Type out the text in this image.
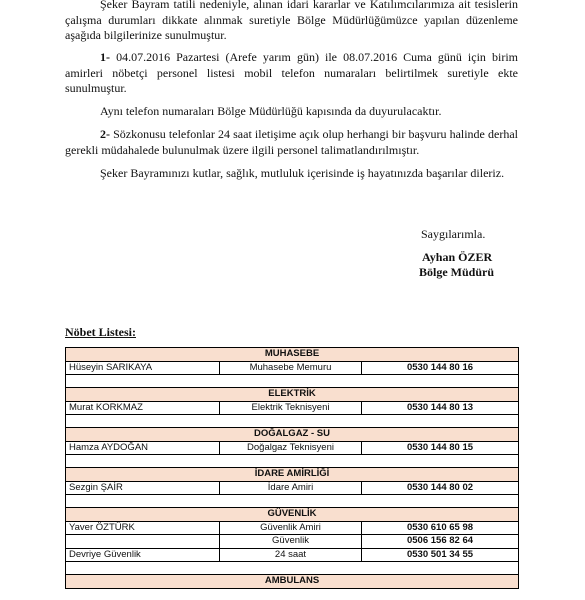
Şeker Bayram tatili nedeniyle, alınan idari kararlar ve Katılımcılarımıza ait tesislerin çalışma durumları dikkate alınmak suretiyle Bölge Müdürlüğümüzce yapılan düzenleme aşağıda bilgilerinize sunulmuştur.
1- 04.07.2016 Pazartesi (Arefe yarım gün) ile 08.07.2016 Cuma günü için birim amirleri nöbetçi personel listesi mobil telefon numaraları belirtilmek suretiyle ekte sunulmuştur.
Aynı telefon numaraları Bölge Müdürlüğü kapısında da duyurulacaktır.
2- Sözkonusu telefonlar 24 saat iletişime açık olup herhangi bir başvuru halinde derhal gerekli müdahalede bulunulmak üzere ilgili personel talimatlandırılmıştır.
Şeker Bayramınızı kutlar, sağlık, mutluluk içerisinde iş hayatınızda başarılar dileriz.
Saygılarımla.
Ayhan ÖZER
Bölge Müdürü
Nöbet Listesi:
MUHASEBE		
Hüseyin SARIKAYA	Muhasebe Memuru	0530 144 80 16

ELEKTRİK		
Murat KORKMAZ	Elektrik Teknisyeni	0530 144 80 13

DOĞALGAZ - SU		
Hamza AYDOĞAN	Doğalgaz Teknisyeni	0530 144 80 15

İDARE AMİRLİĞİ		
Sezgin ŞAİR	İdare Amiri	0530 144 80 02

GÜVENLİK		
Yaver ÖZTÜRK	Güvenlik Amiri	0530 610 65 98
	Güvenlik	0506 156 82 64
Devriye Güvenlik	24 saat	0530 501 34 55

AMBULANS		
